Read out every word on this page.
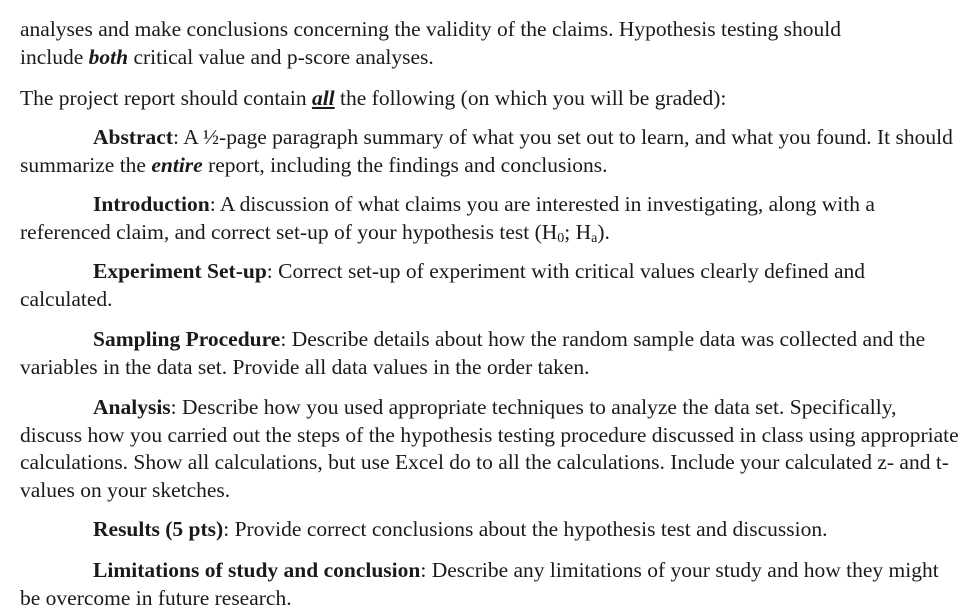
analyses and make conclusions concerning the validity of the claims. Hypothesis testing should
include both critical value and p-score analyses.

The project report should contain all the following (on which you will be graded):

Abstract: A ½-page paragraph summary of what you set out to learn, and what you found. It should summarize the entire report, including the findings and conclusions.

Introduction: A discussion of what claims you are interested in investigating, along with a referenced claim, and correct set-up of your hypothesis test ($H_0$; $H_a$).

Experiment Set-up: Correct set-up of experiment with critical values clearly defined and calculated.

Sampling Procedure: Describe details about how the random sample data was collected and the variables in the data set. Provide all data values in the order taken.

Analysis: Describe how you used appropriate techniques to analyze the data set. Specifically, discuss how you carried out the steps of the hypothesis testing procedure discussed in class using appropriate calculations. Show all calculations, but use Excel do to all the calculations. Include your calculated z- and t-values on your sketches.

Results (5 pts): Provide correct conclusions about the hypothesis test and discussion.

Limitations of study and conclusion: Describe any limitations of your study and how they might be overcome in future research.
